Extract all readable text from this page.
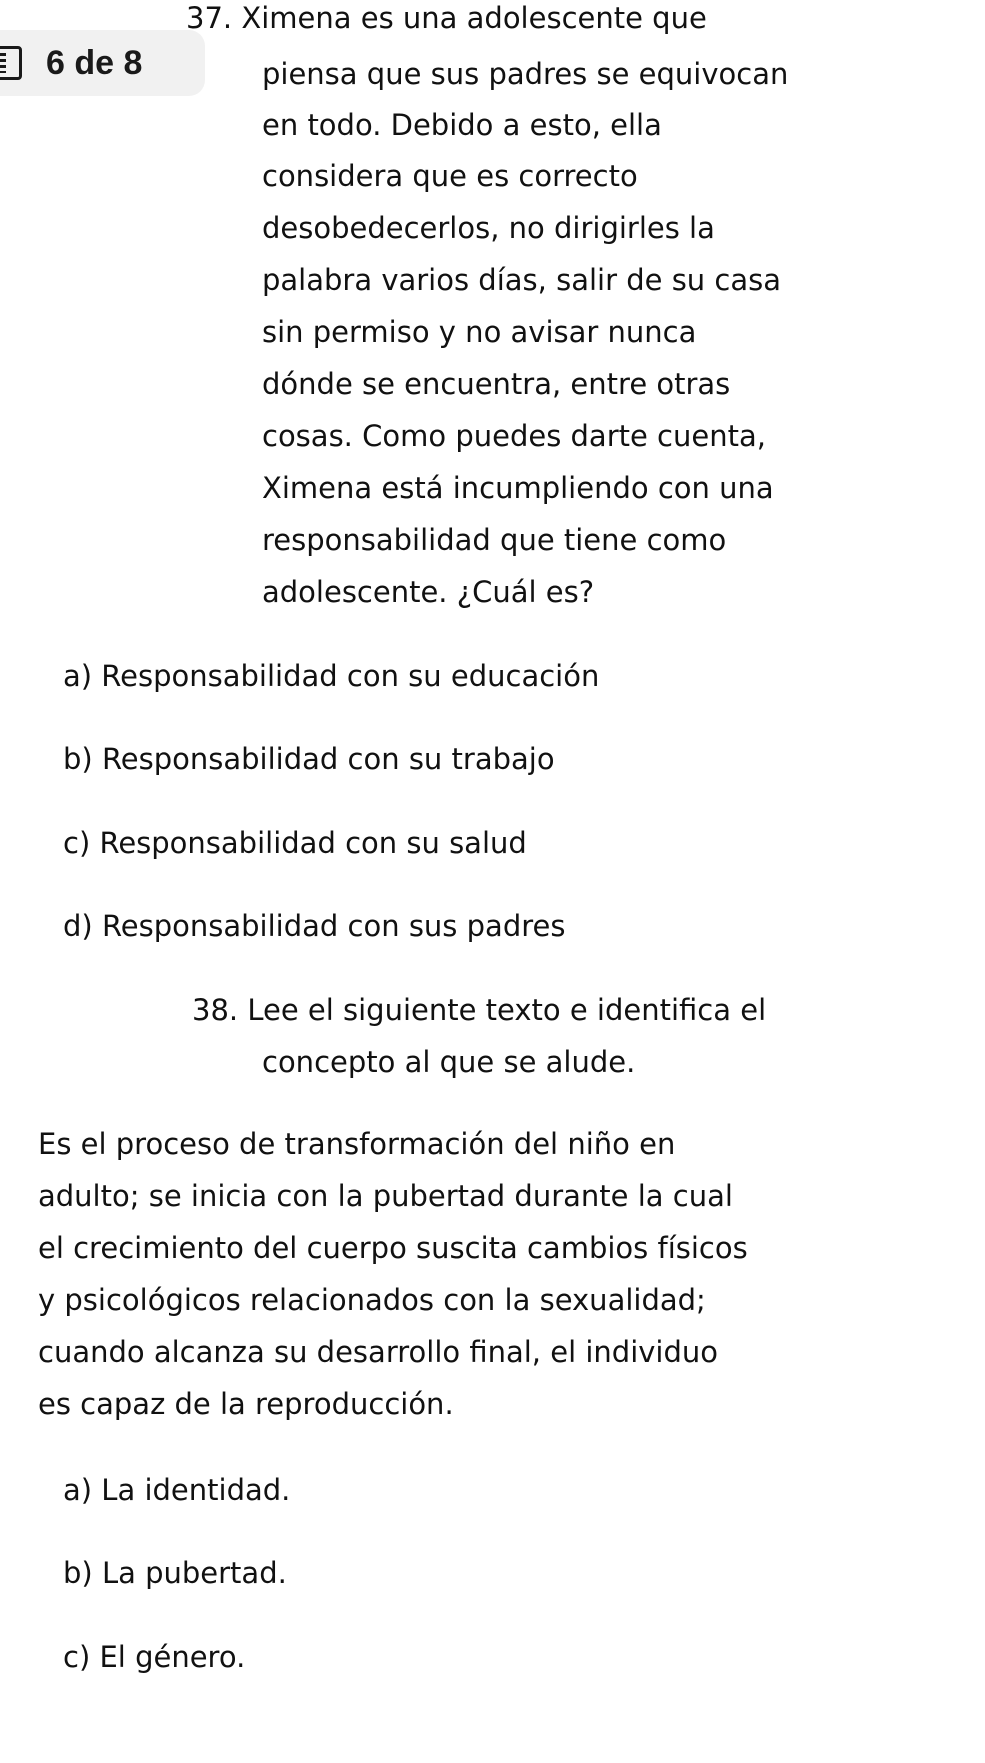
6 de 8
37. Ximena es una adolescente que
piensa que sus padres se equivocan
en todo. Debido a esto, ella
considera que es correcto
desobedecerlos, no dirigirles la
palabra varios días, salir de su casa
sin permiso y no avisar nunca
dónde se encuentra, entre otras
cosas. Como puedes darte cuenta,
Ximena está incumpliendo con una
responsabilidad que tiene como
adolescente. ¿Cuál es?
a) Responsabilidad con su educación
b) Responsabilidad con su trabajo
c) Responsabilidad con su salud
d) Responsabilidad con sus padres
38. Lee el siguiente texto e identifica el
concepto al que se alude.
Es el proceso de transformación del niño en
adulto; se inicia con la pubertad durante la cual
el crecimiento del cuerpo suscita cambios físicos
y psicológicos relacionados con la sexualidad;
cuando alcanza su desarrollo final, el individuo
es capaz de la reproducción.
a) La identidad.
b) La pubertad.
c) El género.
